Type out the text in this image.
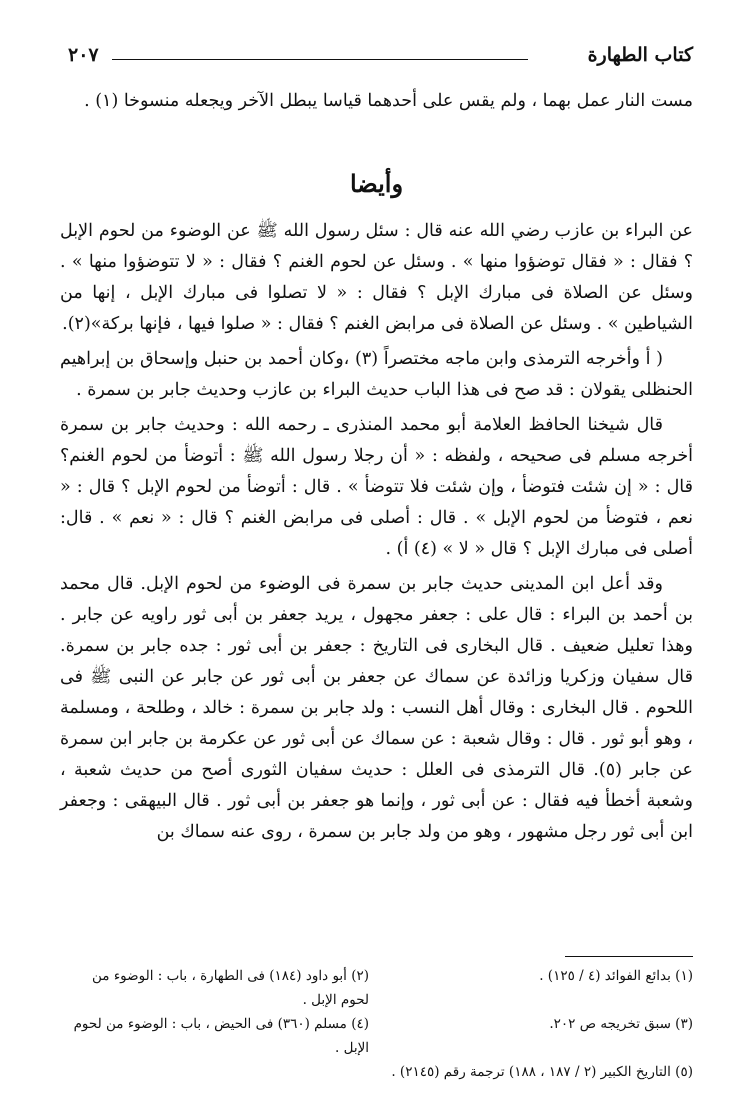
كتاب الطهارة
٢٠٧

مست النار عمل بهما ، ولم يقس على أحدهما قياسا يبطل الآخر ويجعله منسوخا (١) .

وأيضا

عن البراء بن عازب رضي الله عنه قال : سئل رسول الله ﷺ عن الوضوء من لحوم الإبل ؟ فقال : « فقال توضؤوا منها » . وسئل عن لحوم الغنم ؟ فقال : « لا تتوضؤوا منها » . وسئل عن الصلاة فى مبارك الإبل ؟ فقال : « لا تصلوا فى مبارك الإبل ، إنها من الشياطين » . وسئل عن الصلاة فى مرابض الغنم ؟ فقال : « صلوا فيها ، فإنها بركة»(٢).

( أ وأخرجه الترمذى وابن ماجه مختصراً (٣) ،وكان أحمد بن حنبل وإسحاق بن إبراهيم الحنظلى يقولان : قد صح فى هذا الباب حديث البراء بن عازب وحديث جابر بن سمرة .

قال شيخنا الحافظ العلامة أبو محمد المنذرى ـ رحمه الله : وحديث جابر بن سمرة أخرجه مسلم فى صحيحه ، ولفظه : « أن رجلا رسول الله ﷺ : أتوضأ من لحوم الغنم؟ قال : « إن شئت فتوضأ ، وإن شئت فلا تتوضأ » . قال : أتوضأ من لحوم الإبل ؟ قال : « نعم ، فتوضأ من لحوم الإبل » . قال : أصلى فى مرابض الغنم ؟ قال : « نعم » . قال: أصلى فى مبارك الإبل ؟ قال « لا » (٤) أ) .

وقد أعل ابن المدينى حديث جابر بن سمرة فى الوضوء من لحوم الإبل. قال محمد بن أحمد بن البراء : قال على : جعفر مجهول ، يريد جعفر بن أبى ثور راويه عن جابر . وهذا تعليل ضعيف . قال البخارى فى التاريخ : جعفر بن أبى ثور : جده جابر بن سمرة. قال سفيان وزكريا وزائدة عن سماك عن جعفر بن أبى ثور عن جابر عن النبى ﷺ فى اللحوم . قال البخارى : وقال أهل النسب : ولد جابر بن سمرة : خالد ، وطلحة ، ومسلمة ، وهو أبو ثور . قال : وقال شعبة : عن سماك عن أبى ثور عن عكرمة بن جابر ابن سمرة عن جابر (٥). قال الترمذى فى العلل : حديث سفيان الثورى أصح من حديث شعبة ، وشعبة أخطأ فيه فقال : عن أبى ثور ، وإنما هو جعفر بن أبى ثور . قال البيهقى : وجعفر ابن أبى ثور رجل مشهور ، وهو من ولد جابر بن سمرة ، روى عنه سماك بن

(١) بدائع الفوائد (٤ / ١٢٥) .
(٢) أبو داود (١٨٤) فى الطهارة ، باب : الوضوء من لحوم الإبل .
(٣) سبق تخريجه ص ٢٠٢.
(٤) مسلم (٣٦٠) فى الحيض ، باب : الوضوء من لحوم الإبل .
(٥) التاريخ الكبير (٢ / ١٨٧ ، ١٨٨) ترجمة رقم (٢١٤٥) .
